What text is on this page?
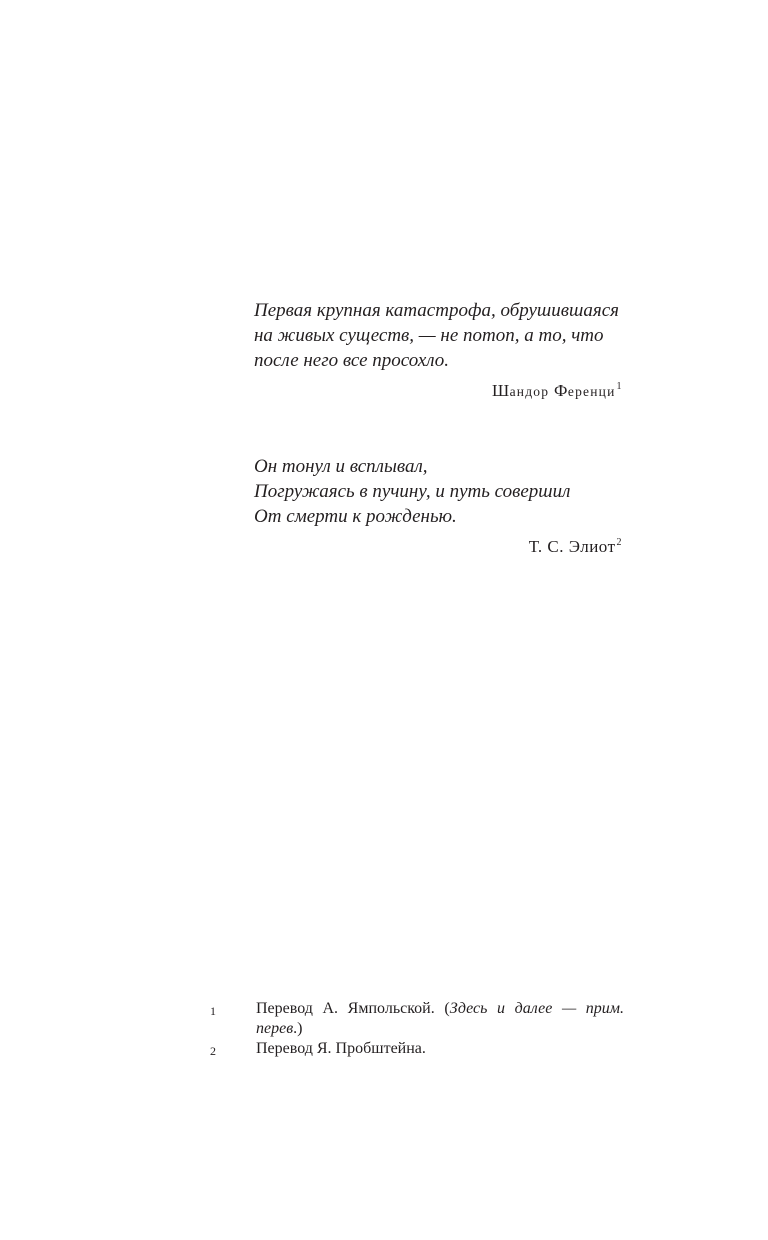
Первая крупная катастрофа, обрушившаяся

на живых существ, — не потоп, а то, что

после него все просохло.

Шандор Ференци$^1$

Он тонул и всплывал,

Погружаясь в пучину, и путь совершил

От смерти к рожденью.

Т. С. Элиот$^2$
1	Перевод А. Ямпольской. (Здесь и далее — прим. перев.)
2	Перевод Я. Пробштейна.
